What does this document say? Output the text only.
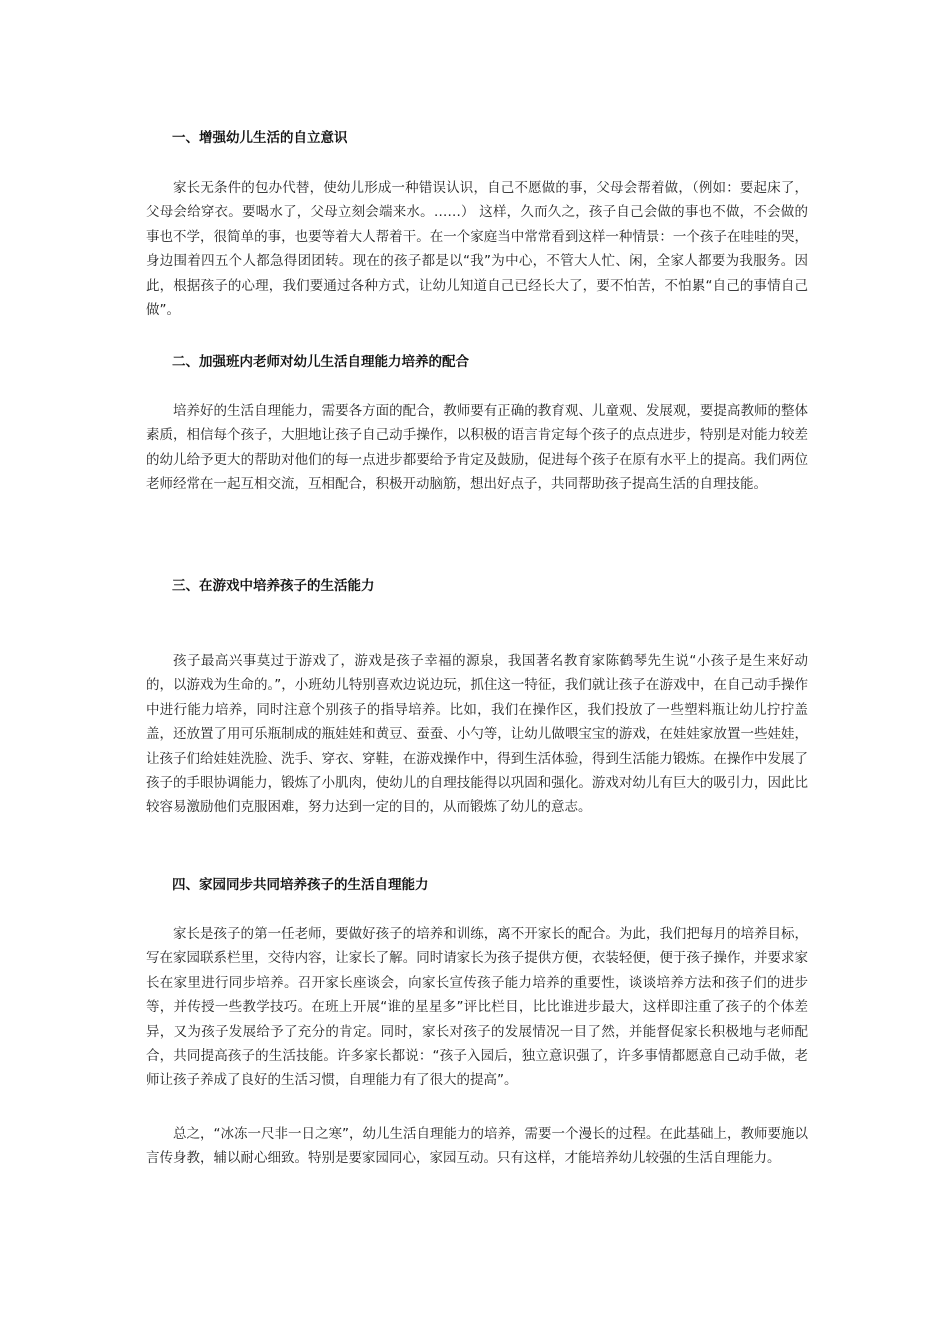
一、增强幼儿生活的自立意识

家长无条件的包办代替，使幼儿形成一种错误认识，自己不愿做的事，父母会帮着做，（例如：要起床了，父母会给穿衣。要喝水了，父母立刻会端来水。……） 这样，久而久之，孩子自己会做的事也不做，不会做的事也不学，很简单的事，也要等着大人帮着干。在一个家庭当中常常看到这样一种情景：一个孩子在哇哇的哭，身边围着四五个人都急得团团转。现在的孩子都是以“我”为中心，不管大人忙、闲，全家人都要为我服务。因此，根据孩子的心理，我们要通过各种方式，让幼儿知道自己已经长大了，要不怕苦，不怕累“自己的事情自己做”。

二、加强班内老师对幼儿生活自理能力培养的配合

培养好的生活自理能力，需要各方面的配合，教师要有正确的教育观、儿童观、发展观，要提高教师的整体素质，相信每个孩子，大胆地让孩子自己动手操作，以积极的语言肯定每个孩子的点点进步，特别是对能力较差的幼儿给予更大的帮助对他们的每一点进步都要给予肯定及鼓励，促进每个孩子在原有水平上的提高。我们两位老师经常在一起互相交流，互相配合，积极开动脑筋，想出好点子，共同帮助孩子提高生活的自理技能。

三、在游戏中培养孩子的生活能力

孩子最高兴事莫过于游戏了，游戏是孩子幸福的源泉，我国著名教育家陈鹤琴先生说“小孩子是生来好动的，以游戏为生命的。”，小班幼儿特别喜欢边说边玩，抓住这一特征，我们就让孩子在游戏中，在自己动手操作中进行能力培养，同时注意个别孩子的指导培养。比如，我们在操作区，我们投放了一些塑料瓶让幼儿拧拧盖盖，还放置了用可乐瓶制成的瓶娃娃和黄豆、蚕蚕、小勺等，让幼儿做喂宝宝的游戏，在娃娃家放置一些娃娃，让孩子们给娃娃洗脸、洗手、穿衣、穿鞋，在游戏操作中，得到生活体验，得到生活能力锻炼。在操作中发展了孩子的手眼协调能力，锻炼了小肌肉，使幼儿的自理技能得以巩固和强化。游戏对幼儿有巨大的吸引力，因此比较容易激励他们克服困难，努力达到一定的目的，从而锻炼了幼儿的意志。

四、家园同步共同培养孩子的生活自理能力

家长是孩子的第一任老师，要做好孩子的培养和训练，离不开家长的配合。为此，我们把每月的培养目标，写在家园联系栏里，交待内容，让家长了解。同时请家长为孩子提供方便，衣装轻便，便于孩子操作，并要求家长在家里进行同步培养。召开家长座谈会，向家长宣传孩子能力培养的重要性，谈谈培养方法和孩子们的进步等，并传授一些教学技巧。在班上开展“谁的星星多”评比栏目，比比谁进步最大，这样即注重了孩子的个体差异，又为孩子发展给予了充分的肯定。同时，家长对孩子的发展情况一目了然，并能督促家长积极地与老师配合，共同提高孩子的生活技能。许多家长都说：“孩子入园后，独立意识强了，许多事情都愿意自己动手做，老师让孩子养成了良好的生活习惯，自理能力有了很大的提高”。

总之，“冰冻一尺非一日之寒”，幼儿生活自理能力的培养，需要一个漫长的过程。在此基础上，教师要施以言传身教，辅以耐心细致。特别是要家园同心，家园互动。只有这样，才能培养幼儿较强的生活自理能力。
